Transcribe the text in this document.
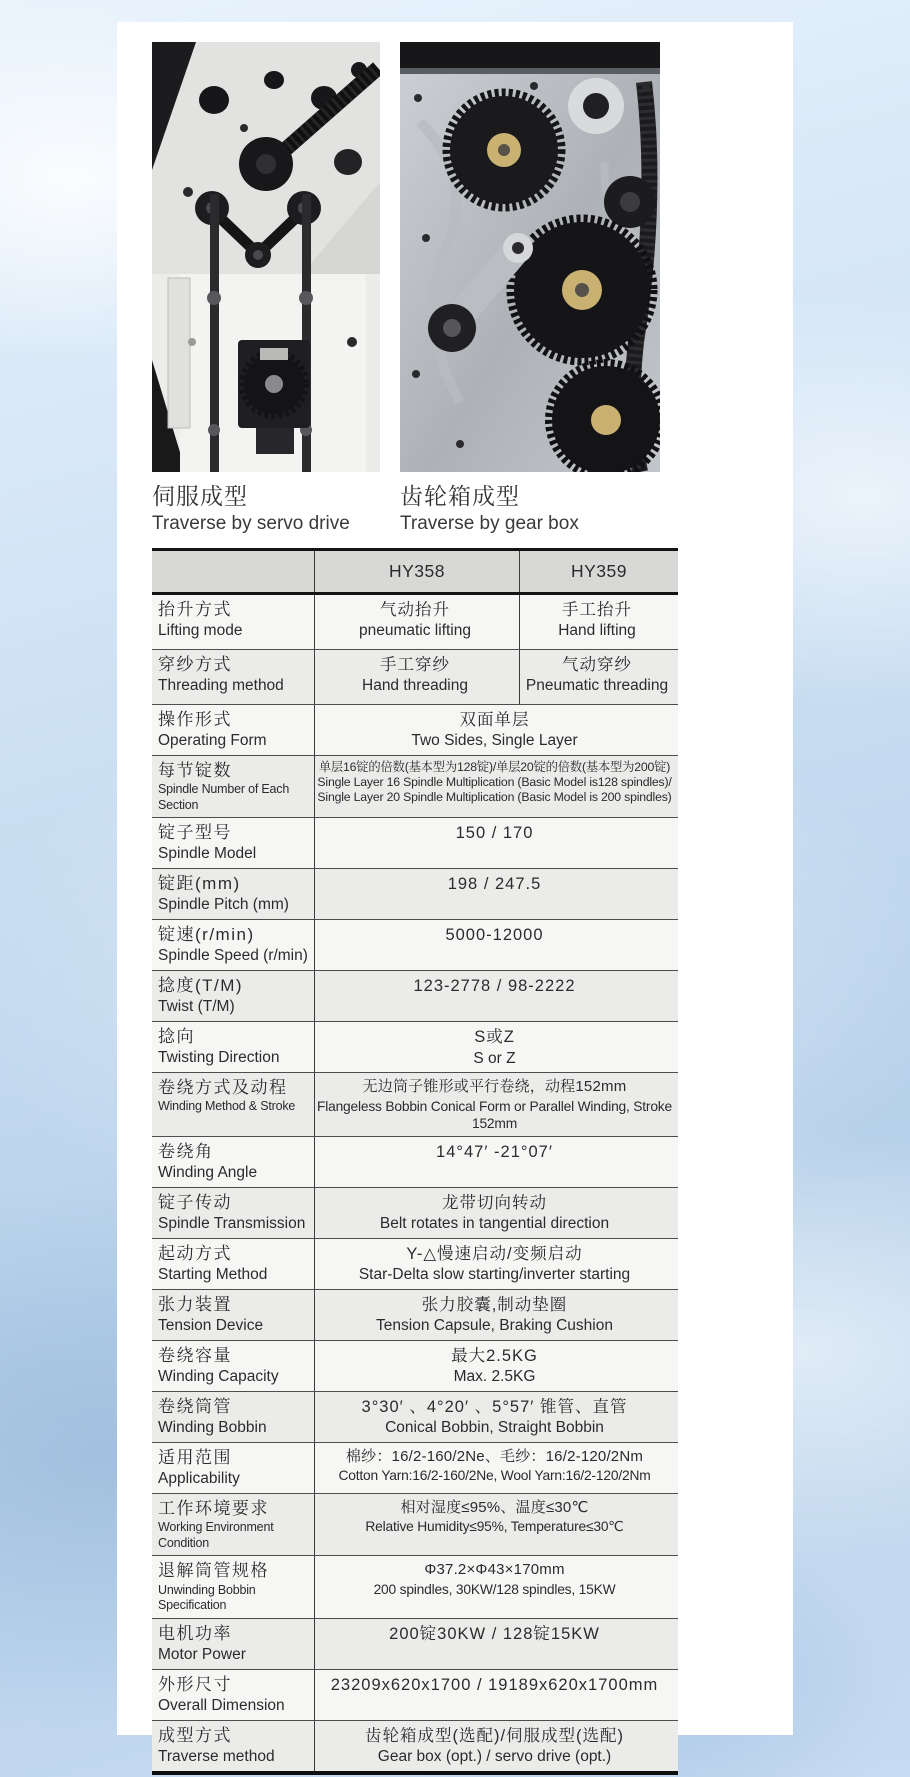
伺服成型
Traverse by servo drive
齿轮箱成型
Traverse by gear box
HY358	HY359
抬升方式
Lifting mode
气动抬升
pneumatic lifting
手工抬升
Hand lifting
穿纱方式
Threading method
手工穿纱
Hand threading
气动穿纱
Pneumatic threading
操作形式
Operating Form
双面单层
Two Sides, Single Layer
每节锭数
Spindle Number of Each Section
单层16锭的倍数(基本型为128锭)/单层20锭的倍数(基本型为200锭)
Single Layer 16 Spindle Multiplication (Basic Model is128 spindles)/
Single Layer 20 Spindle Multiplication (Basic Model is 200 spindles)
锭子型号
Spindle Model
150 / 170
锭距(mm)
Spindle Pitch (mm)
198 / 247.5
锭速(r/min)
Spindle Speed (r/min)
5000-12000
捻度(T/M)
Twist (T/M)
123-2778 / 98-2222
捻向
Twisting Direction
S或Z
S or Z
卷绕方式及动程
Winding Method & Stroke
无边筒子锥形或平行卷绕，动程152mm
Flangeless Bobbin Conical Form or Parallel Winding, Stroke 152mm
卷绕角
Winding Angle
14°47′ -21°07′
锭子传动
Spindle Transmission
龙带切向转动
Belt rotates in tangential direction
起动方式
Starting Method
Y-△慢速启动/变频启动
Star-Delta slow starting/inverter starting
张力装置
Tension Device
张力胶囊,制动垫圈
Tension Capsule, Braking Cushion
卷绕容量
Winding Capacity
最大2.5KG
Max. 2.5KG
卷绕筒管
Winding Bobbin
3°30′ 、4°20′ 、5°57′ 锥管、直管
Conical Bobbin, Straight Bobbin
适用范围
Applicability
棉纱：16/2-160/2Ne、毛纱：16/2-120/2Nm
Cotton Yarn:16/2-160/2Ne, Wool Yarn:16/2-120/2Nm
工作环境要求
Working Environment Condition
相对湿度≤95%、温度≤30℃
Relative Humidity≤95%, Temperature≤30℃
退解筒管规格
Unwinding Bobbin Specification
Φ37.2×Φ43×170mm
200 spindles, 30KW/128 spindles, 15KW
电机功率
Motor Power
200锭30KW / 128锭15KW
外形尺寸
Overall Dimension
23209x620x1700 / 19189x620x1700mm
成型方式
Traverse method
齿轮箱成型(选配)/伺服成型(选配)
Gear box (opt.) / servo drive (opt.)
